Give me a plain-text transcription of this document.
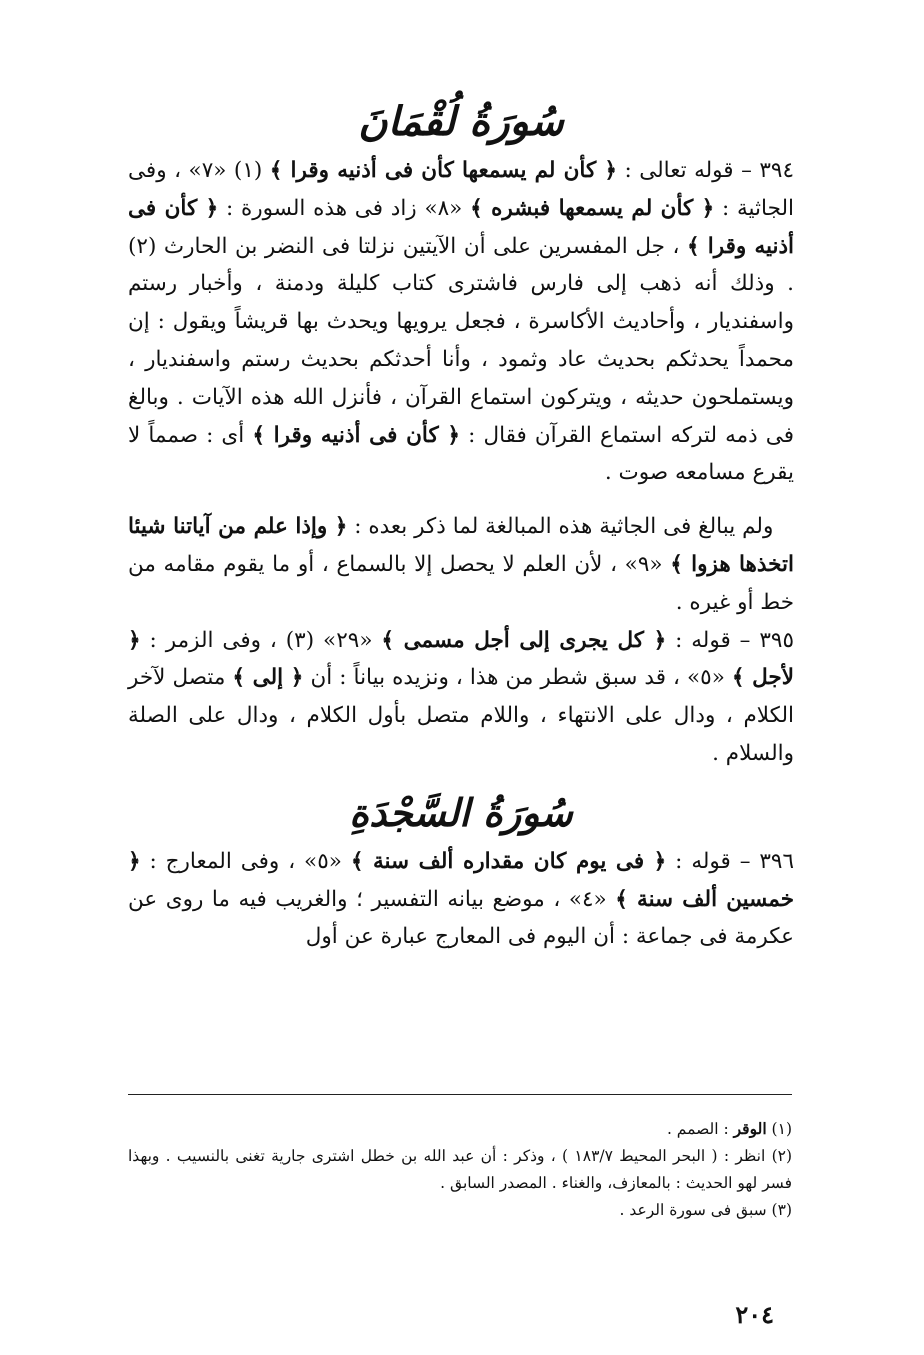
سُورَةُ لُقْمَانَ

٣٩٤ – قوله تعالى : ﴿ كأن لم يسمعها كأن فى أذنيه وقرا ﴾ (١) «٧» ، وفى الجاثية : ﴿ كأن لم يسمعها فبشره ﴾ «٨» زاد فى هذه السورة : ﴿ كأن فى أذنيه وقرا ﴾ ، جل المفسرين على أن الآيتين نزلتا فى النضر بن الحارث (٢) . وذلك أنه ذهب إلى فارس فاشترى كتاب كليلة ودمنة ، وأخبار رستم واسفنديار ، وأحاديث الأكاسرة ، فجعل يرويها ويحدث بها قريشاً ويقول : إن محمداً يحدثكم بحديث عاد وثمود ، وأنا أحدثكم بحديث رستم واسفنديار ، ويستملحون حديثه ، ويتركون استماع القرآن ، فأنزل الله هذه الآيات . وبالغ فى ذمه لتركه استماع القرآن فقال : ﴿ كأن فى أذنيه وقرا ﴾ أى : صمماً لا يقرع مسامعه صوت .

ولم يبالغ فى الجاثية هذه المبالغة لما ذكر بعده : ﴿ وإذا علم من آياتنا شيئا اتخذها هزوا ﴾ «٩» ، لأن العلم لا يحصل إلا بالسماع ، أو ما يقوم مقامه من خط أو غيره .

٣٩٥ – قوله : ﴿ كل يجرى إلى أجل مسمى ﴾ «٢٩» (٣) ، وفى الزمر : ﴿ لأجل ﴾ «٥» ، قد سبق شطر من هذا ، ونزيده بياناً : أن ﴿ إلى ﴾ متصل لآخر الكلام ، ودال على الانتهاء ، واللام متصل بأول الكلام ، ودال على الصلة والسلام .

سُورَةُ السَّجْدَةِ

٣٩٦ – قوله : ﴿ فى يوم كان مقداره ألف سنة ﴾ «٥» ، وفى المعارج : ﴿ خمسين ألف سنة ﴾ «٤» ، موضع بيانه التفسير ؛ والغريب فيه ما روى عن عكرمة فى جماعة : أن اليوم فى المعارج عبارة عن أول

(١) الوقر : الصمم .

(٢) انظر : ( البحر المحيط ١٨٣/٧ ) ، وذكر : أن عبد الله بن خطل اشترى جارية تغنى بالنسيب . وبهذا فسر لهو الحديث : بالمعازف، والغناء . المصدر السابق .

(٣) سبق فى سورة الرعد .

٢٠٤
